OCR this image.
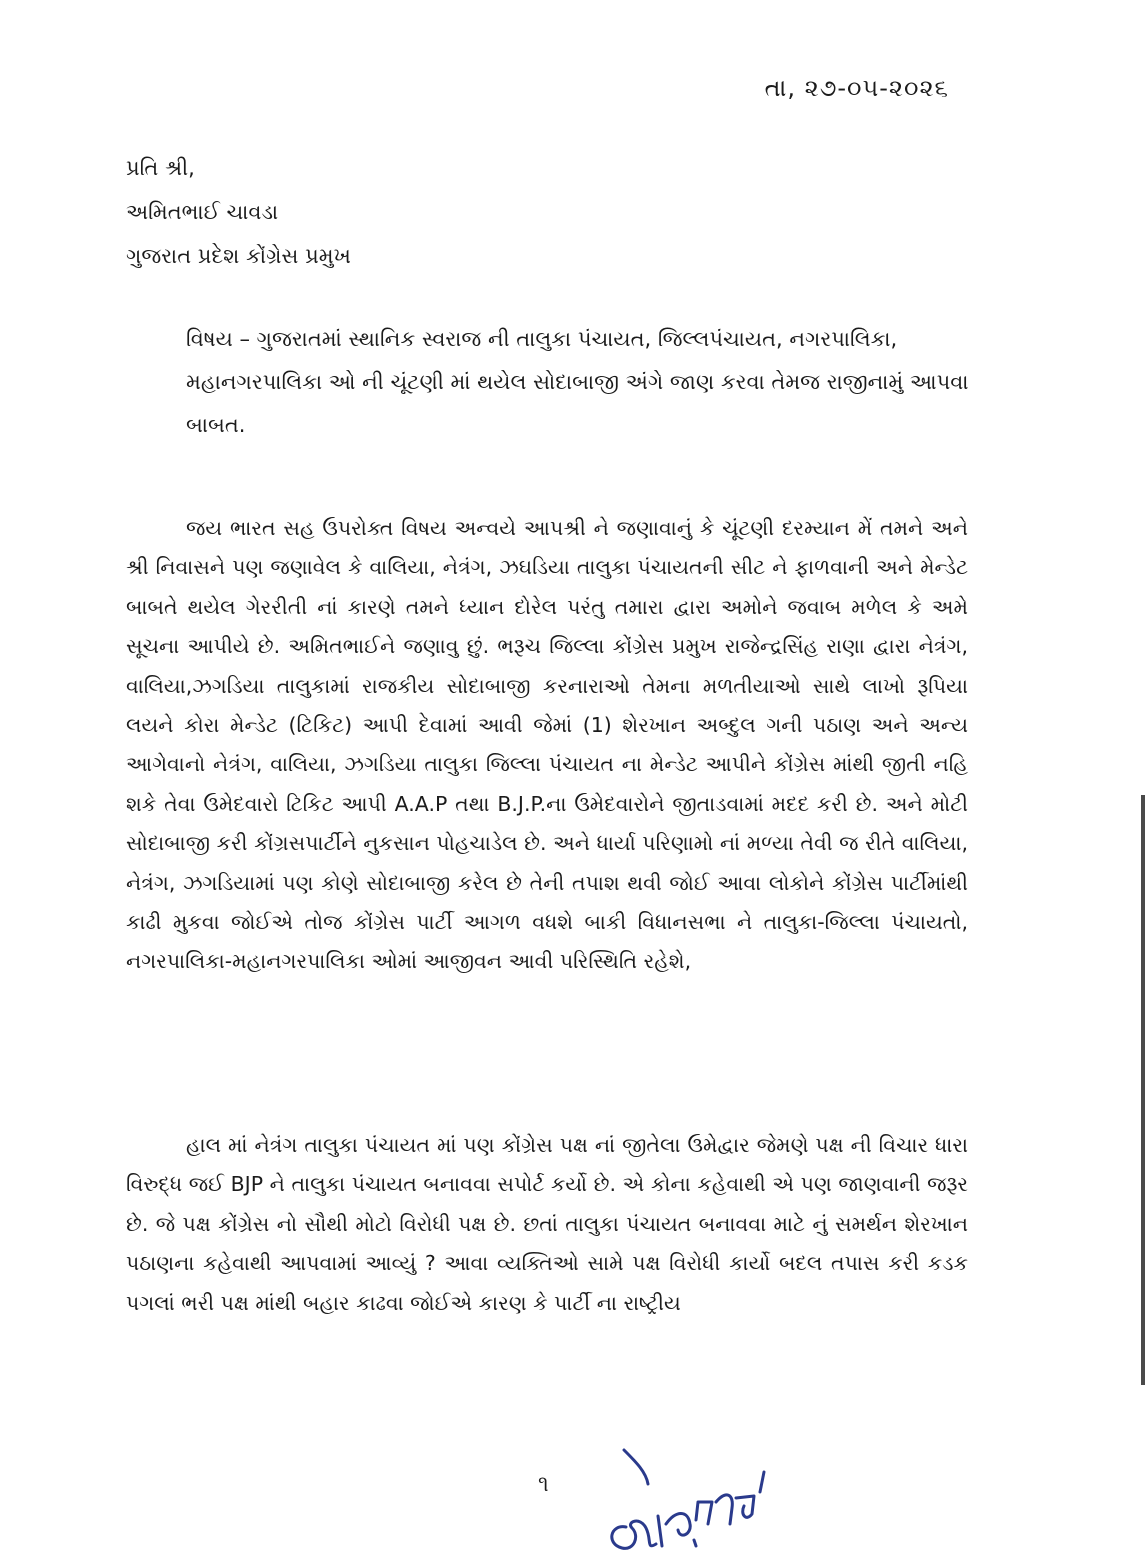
તા, ૨૭-૦૫-૨૦૨૬
પ્રતિ શ્રી,
અમિતભાઈ ચાવડા
ગુજરાત પ્રદેશ કોંગ્રેસ પ્રમુખ
વિષય – ગુજરાતમાં સ્થાનિક સ્વરાજ ની તાલુકા પંચાયત, જિલ્લપંચાયત, નગરપાલિકા, મહાનગરપાલિકા ઓ ની ચૂંટણી માં થયેલ સોદાબાજી અંગે જાણ કરવા તેમજ રાજીનામું આપવા બાબત.
જય ભારત સહ ઉપરોક્ત વિષય અન્વયે આપશ્રી ને જણાવાનું કે ચૂંટણી દરમ્યાન મેં તમને અને શ્રી નિવાસને પણ જણાવેલ કે વાલિયા, નેત્રંગ, ઝઘડિયા તાલુકા પંચાયતની સીટ ને ફાળવાની અને મેન્ડેટ બાબતે થયેલ ગેરરીતી નાં કારણે તમને ધ્યાન દોરેલ પરંતુ તમારા દ્વારા અમોને જવાબ મળેલ કે અમે સૂચના આપીયે છે. અમિતભાઈને જણાવુ છું. ભરૂચ જિલ્લા કોંગ્રેસ પ્રમુખ રાજેન્દ્રસિંહ રાણા દ્વારા નેત્રંગ, વાલિયા,ઝગડિયા તાલુકામાં રાજકીય સોદાબાજી કરનારાઓ તેમના મળતીયાઓ સાથે લાખો રૂપિયા લયને કોરા મેન્ડેટ (ટિકિટ) આપી દેવામાં આવી જેમાં (1) શેરખાન અબ્દુલ ગની પઠાણ અને અન્ય આગેવાનો નેત્રંગ, વાલિયા, ઝગડિયા તાલુકા જિલ્લા પંચાયત ના મેન્ડેટ આપીને કોંગ્રેસ માંથી જીતી નહિ શકે તેવા ઉમેદવારો ટિકિટ આપી A.A.P તથા B.J.P.ના ઉમેદવારોને જીતાડવામાં મદદ કરી છે. અને મોટી સોદાબાજી કરી કોંગ્રસપાર્ટીને નુકસાન પોહચાડેલ છે. અને ધાર્યા પરિણામો નાં મળ્યા તેવી જ રીતે વાલિયા, નેત્રંગ, ઝગડિયામાં પણ કોણે સોદાબાજી કરેલ છે તેની તપાશ થવી જોઈ આવા લોકોને કોંગ્રેસ પાર્ટીમાંથી કાઢી મુકવા જોઈએ તોજ કોંગ્રેસ પાર્ટી આગળ વધશે બાકી વિધાનસભા ને તાલુકા-જિલ્લા પંચાયતો, નગરપાલિકા-મહાનગરપાલિકા ઓમાં આજીવન આવી પરિસ્થિતિ રહેશે,
હાલ માં નેત્રંગ તાલુકા પંચાયત માં પણ કોંગ્રેસ પક્ષ નાં જીતેલા ઉમેદ્વાર જેમણે પક્ષ ની વિચાર ધારા વિરુદ્ધ જઈ BJP ને તાલુકા પંચાયત બનાવવા સપોર્ટ કર્યો છે. એ કોના કહેવાથી એ પણ જાણવાની જરૂર છે. જે પક્ષ કોંગ્રેસ નો સૌથી મોટો વિરોધી પક્ષ છે. છતાં તાલુકા પંચાયત બનાવવા માટે નું સમર્થન શેરખાન પઠાણના કહેવાથી આપવામાં આવ્યું ? આવા વ્યક્તિઓ સામે પક્ષ વિરોધી કાર્યો બદલ તપાસ કરી કડક પગલાં ભરી પક્ષ માંથી બહાર કાઢવા જોઈએ કારણ કે પાર્ટી ના રાષ્ટ્રીય
૧
